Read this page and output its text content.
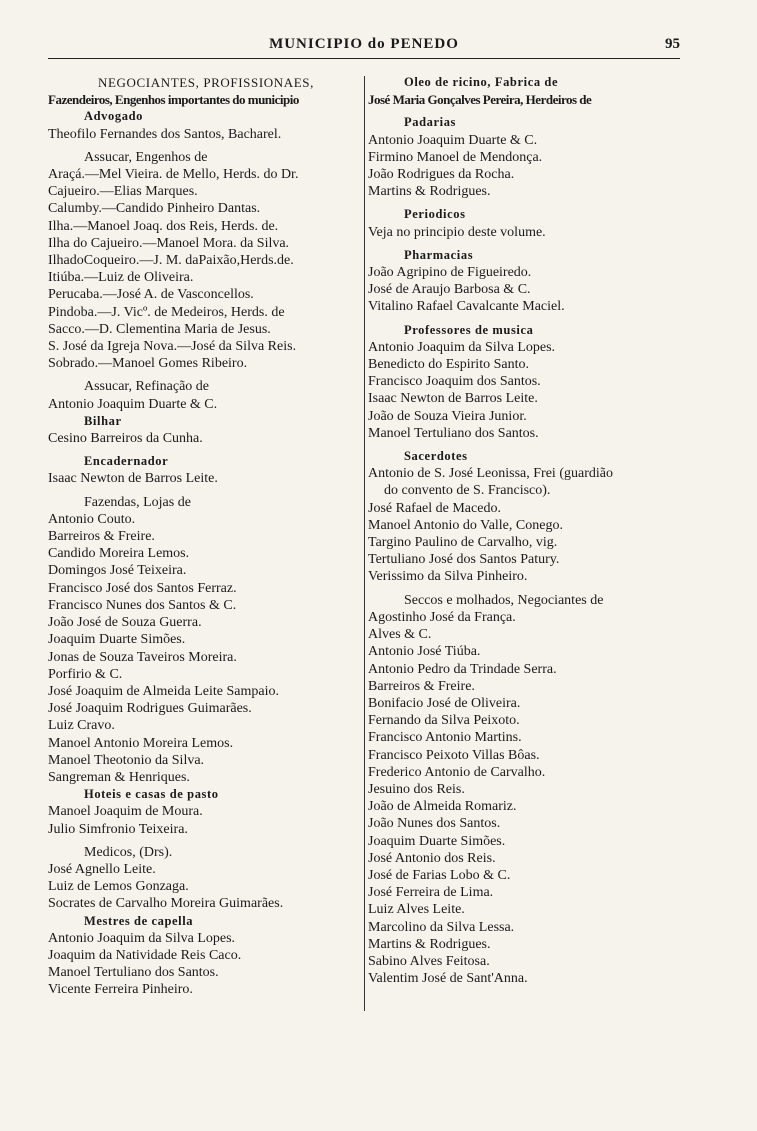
MUNICIPIO do PENEDO	95
NEGOCIANTES, PROFISSIONAES,
Fazendeiros, Engenhos importantes do municipio
Advogado
Theofilo Fernandes dos Santos, Bacharel.
Assucar, Engenhos de
Araçá.—Mel Vieira. de Mello, Herds. do Dr.
Cajueiro.—Elias Marques.
Calumby.—Candido Pinheiro Dantas.
Ilha.—Manoel Joaq. dos Reis, Herds. de.
Ilha do Cajueiro.—Manoel Mora. da Silva.
IlhadoCoqueiro.—J. M. daPaixão,Herds.de.
Itiúba.—Luiz de Oliveira.
Perucaba.—José A. de Vasconcellos.
Pindoba.—J. Vicº. de Medeiros, Herds. de
Sacco.—D. Clementina Maria de Jesus.
S. José da Igreja Nova.—José da Silva Reis.
Sobrado.—Manoel Gomes Ribeiro.
Assucar, Refinação de
Antonio Joaquim Duarte & C.
Bilhar
Cesino Barreiros da Cunha.
Encadernador
Isaac Newton de Barros Leite.
Fazendas, Lojas de
Antonio Couto.
Barreiros & Freire.
Candido Moreira Lemos.
Domingos José Teixeira.
Francisco José dos Santos Ferraz.
Francisco Nunes dos Santos & C.
João José de Souza Guerra.
Joaquim Duarte Simões.
Jonas de Souza Taveiros Moreira.
Porfirio & C.
José Joaquim de Almeida Leite Sampaio.
José Joaquim Rodrigues Guimarães.
Luiz Cravo.
Manoel Antonio Moreira Lemos.
Manoel Theotonio da Silva.
Sangreman & Henriques.
Hoteis e casas de pasto
Manoel Joaquim de Moura.
Julio Simfronio Teixeira.
Medicos, (Drs).
José Agnello Leite.
Luiz de Lemos Gonzaga.
Socrates de Carvalho Moreira Guimarães.
Mestres de capella
Antonio Joaquim da Silva Lopes.
Joaquim da Natividade Reis Caco.
Manoel Tertuliano dos Santos.
Vicente Ferreira Pinheiro.
Oleo de ricino, Fabrica de
José Maria Gonçalves Pereira, Herdeiros de
Padarias
Antonio Joaquim Duarte & C.
Firmino Manoel de Mendonça.
João Rodrigues da Rocha.
Martins & Rodrigues.
Periodicos
Veja no principio deste volume.
Pharmacias
João Agripino de Figueiredo.
José de Araujo Barbosa & C.
Vitalino Rafael Cavalcante Maciel.
Professores de musica
Antonio Joaquim da Silva Lopes.
Benedicto do Espirito Santo.
Francisco Joaquim dos Santos.
Isaac Newton de Barros Leite.
João de Souza Vieira Junior.
Manoel Tertuliano dos Santos.
Sacerdotes
Antonio de S. José Leonissa, Frei (guardião
do convento de S. Francisco).
José Rafael de Macedo.
Manoel Antonio do Valle, Conego.
Targino Paulino de Carvalho, vig.
Tertuliano José dos Santos Patury.
Verissimo da Silva Pinheiro.
Seccos e molhados, Negociantes de
Agostinho José da França.
Alves & C.
Antonio José Tiúba.
Antonio Pedro da Trindade Serra.
Barreiros & Freire.
Bonifacio José de Oliveira.
Fernando da Silva Peixoto.
Francisco Antonio Martins.
Francisco Peixoto Villas Bôas.
Frederico Antonio de Carvalho.
Jesuino dos Reis.
João de Almeida Romariz.
João Nunes dos Santos.
Joaquim Duarte Simões.
José Antonio dos Reis.
José de Farias Lobo & C.
José Ferreira de Lima.
Luiz Alves Leite.
Marcolino da Silva Lessa.
Martins & Rodrigues.
Sabino Alves Feitosa.
Valentim José de Sant'Anna.
